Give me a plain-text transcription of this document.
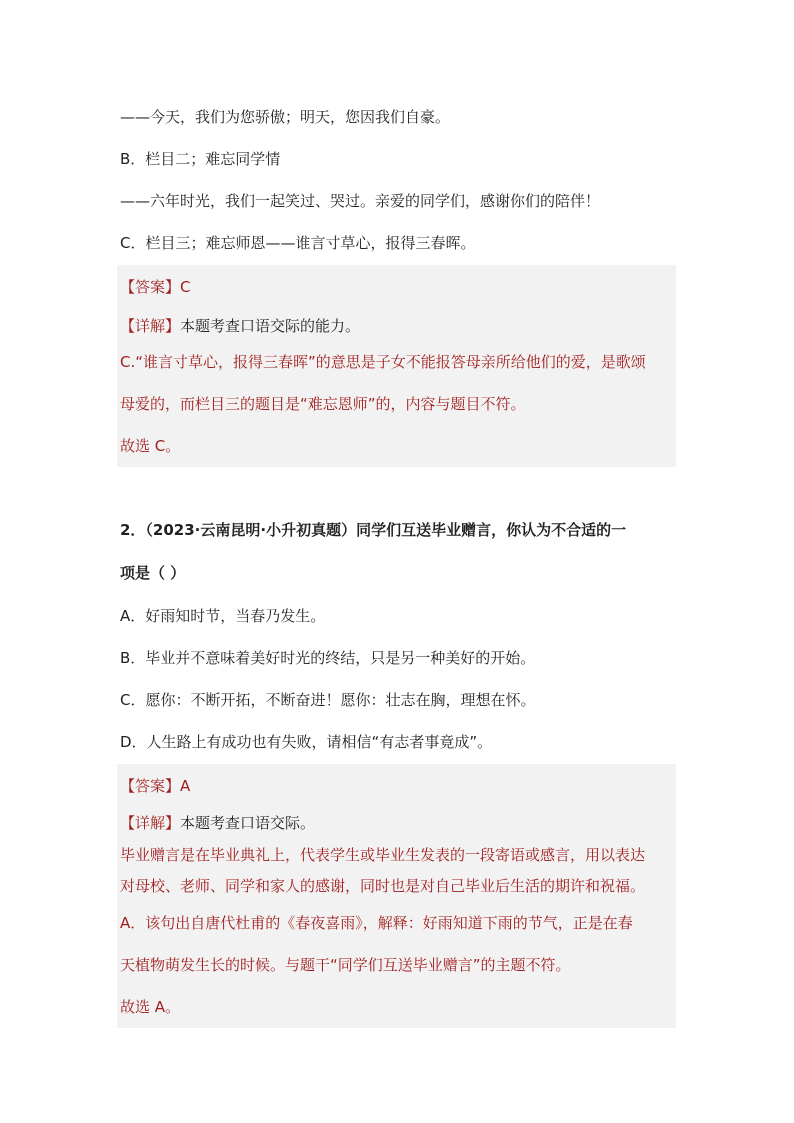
——今天，我们为您骄傲；明天，您因我们自豪。
B．栏目二；难忘同学情
——六年时光，我们一起笑过、哭过。亲爱的同学们，感谢你们的陪伴！
C．栏目三；难忘师恩——谁言寸草心，报得三春晖。
【答案】C
【详解】本题考查口语交际的能力。
C.“谁言寸草心，报得三春晖”的意思是子女不能报答母亲所给他们的爱，是歌颂
母爱的，而栏目三的题目是“难忘恩师”的，内容与题目不符。
故选 C。
2．（2023·云南昆明·小升初真题）同学们互送毕业赠言，你认为不合适的一
项是（ ）
A．好雨知时节，当春乃发生。
B．毕业并不意味着美好时光的终结，只是另一种美好的开始。
C．愿你：不断开拓，不断奋进！愿你：壮志在胸，理想在怀。
D．人生路上有成功也有失败，请相信“有志者事竟成”。
【答案】A
【详解】本题考查口语交际。
毕业赠言是在毕业典礼上，代表学生或毕业生发表的一段寄语或感言，用以表达
对母校、老师、同学和家人的感谢，同时也是对自己毕业后生活的期许和祝福。
A．该句出自唐代杜甫的《春夜喜雨》，解释：好雨知道下雨的节气，正是在春
天植物萌发生长的时候。与题干“同学们互送毕业赠言”的主题不符。
故选 A。
